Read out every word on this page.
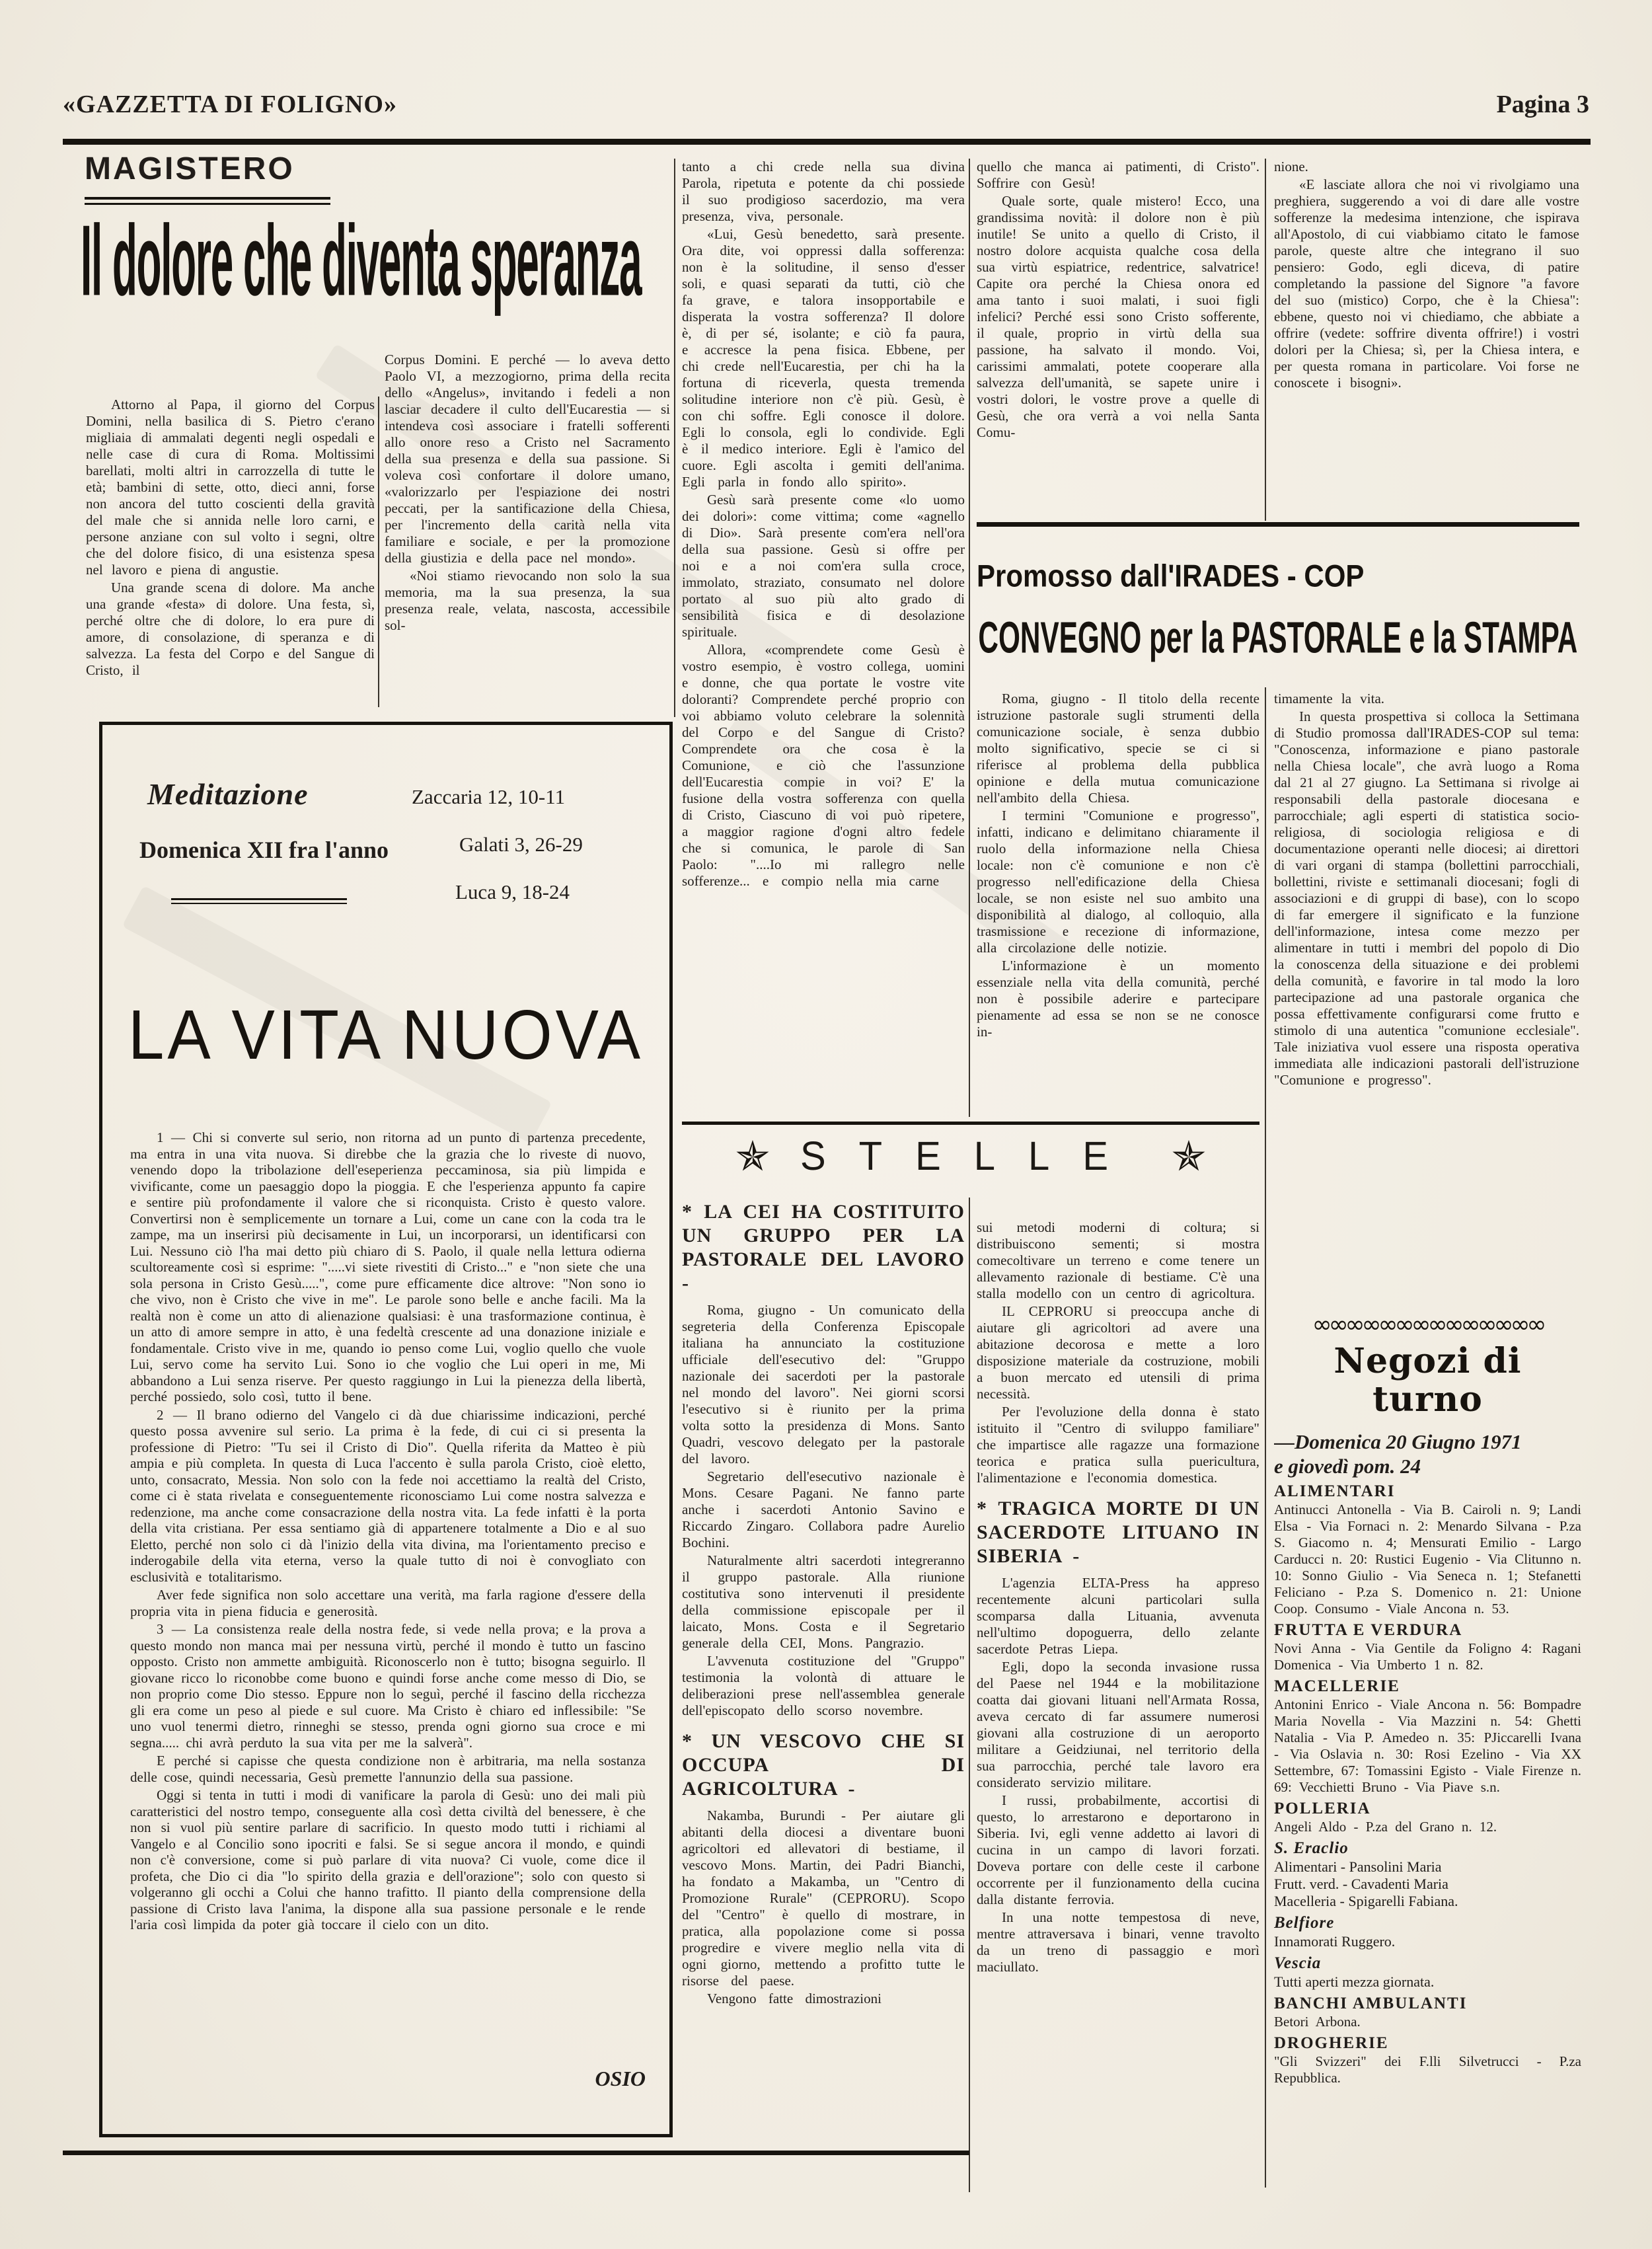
«GAZZETTA DI FOLIGNO»	Pagina 3
MAGISTERO
Il dolore che diventa speranza

Attorno al Papa, il giorno del Corpus Domini, nella basilica di S. Pietro c'erano migliaia di ammalati degenti negli ospedali e nelle case di cura di Roma. Moltissimi barellati, molti altri in carrozzella di tutte le età; bambini di sette, otto, dieci anni, forse non ancora del tutto coscienti della gravità del male che si annida nelle loro carni, e persone anziane con sul volto i segni, oltre che del dolore fisico, di una esistenza spesa nel lavoro e piena di angustie.

Una grande scena di dolore. Ma anche una grande «festa» di dolore. Una festa, sì, perché oltre che di dolore, lo era pure di amore, di consolazione, di speranza e di salvezza. La festa del Corpo e del Sangue di Cristo, il

Corpus Domini. E perché — lo aveva detto Paolo VI, a mezzogiorno, prima della recita dello «Angelus», invitando i fedeli a non lasciar decadere il culto dell'Eucarestia — si intendeva così associare i fratelli sofferenti allo onore reso a Cristo nel Sacramento della sua presenza e della sua passione. Si voleva così confortare il dolore umano, «valorizzarlo per l'espiazione dei nostri peccati, per la santificazione della Chiesa, per l'incremento della carità nella vita familiare e sociale, e per la promozione della giustizia e della pace nel mondo».

«Noi stiamo rievocando non solo la sua memoria, ma la sua presenza, la sua presenza reale, velata, nascosta, accessibile sol-

tanto a chi crede nella sua divina Parola, ripetuta e potente da chi possiede il suo prodigioso sacerdozio, ma vera presenza, viva, personale.

«Lui, Gesù benedetto, sarà presente. Ora dite, voi oppressi dalla sofferenza: non è la solitudine, il senso d'esser soli, e quasi separati da tutti, ciò che fa grave, e talora insopportabile e disperata la vostra sofferenza? Il dolore è, di per sé, isolante; e ciò fa paura, e accresce la pena fisica. Ebbene, per chi crede nell'Eucarestia, per chi ha la fortuna di riceverla, questa tremenda solitudine interiore non c'è più. Gesù, è con chi soffre. Egli conosce il dolore. Egli lo consola, egli lo condivide. Egli è il medico interiore. Egli è l'amico del cuore. Egli ascolta i gemiti dell'anima. Egli parla in fondo allo spirito».

Gesù sarà presente come «lo uomo dei dolori»: come vittima; come «agnello di Dio». Sarà presente com'era nell'ora della sua passione. Gesù si offre per noi e a noi com'era sulla croce, immolato, straziato, consumato nel dolore portato al suo più alto grado di sensibilità fisica e di desolazione spirituale.

Allora, «comprendete come Gesù è vostro esempio, è vostro collega, uomini e donne, che qua portate le vostre vite doloranti? Comprendete perché proprio con voi abbiamo voluto celebrare la solennità del Corpo e del Sangue di Cristo? Comprendete ora che cosa è la Comunione, e ciò che l'assunzione dell'Eucarestia compie in voi? E' la fusione della vostra sofferenza con quella di Cristo, Ciascuno di voi può ripetere, a maggior ragione d'ogni altro fedele che si comunica, le parole di San Paolo: "....Io mi rallegro nelle sofferenze... e compio nella mia carne

quello che manca ai patimenti, di Cristo". Soffrire con Gesù!

Quale sorte, quale mistero! Ecco, una grandissima novità: il dolore non è più inutile! Se unito a quello di Cristo, il nostro dolore acquista qualche cosa della sua virtù espiatrice, redentrice, salvatrice! Capite ora perché la Chiesa onora ed ama tanto i suoi malati, i suoi figli infelici? Perché essi sono Cristo sofferente, il quale, proprio in virtù della sua passione, ha salvato il mondo. Voi, carissimi ammalati, potete cooperare alla salvezza dell'umanità, se sapete unire i vostri dolori, le vostre prove a quelle di Gesù, che ora verrà a voi nella Santa Comu-

nione.

«E lasciate allora che noi vi rivolgiamo una preghiera, suggerendo a voi di dare alle vostre sofferenze la medesima intenzione, che ispirava all'Apostolo, di cui viabbiamo citato le famose parole, queste altre che integrano il suo pensiero: Godo, egli diceva, di patire completando la passione del Signore "a favore del suo (mistico) Corpo, che è la Chiesa": ebbene, questo noi vi chiediamo, che abbiate a offrire (vedete: soffrire diventa offrire!) i vostri dolori per la Chiesa; sì, per la Chiesa intera, e per questa romana in particolare. Voi forse ne conoscete i bisogni».

Promosso dall'IRADES - COP
CONVEGNO per la PASTORALE e la STAMPA

Roma, giugno - Il titolo della recente istruzione pastorale sugli strumenti della comunicazione sociale, è senza dubbio molto significativo, specie se ci si riferisce al problema della pubblica opinione e della mutua comunicazione nell'ambito della Chiesa.

I termini "Comunione e progresso", infatti, indicano e delimitano chiaramente il ruolo della informazione nella Chiesa locale: non c'è comunione e non c'è progresso nell'edificazione della Chiesa locale, se non esiste nel suo ambito una disponibilità al dialogo, al colloquio, alla trasmissione e recezione di informazione, alla circolazione delle notizie.

L'informazione è un momento essenziale nella vita della comunità, perché non è possibile aderire e partecipare pienamente ad essa se non se ne conosce in-

timamente la vita.

In questa prospettiva si colloca la Settimana di Studio promossa dall'IRADES-COP sul tema: "Conoscenza, informazione e piano pastorale nella Chiesa locale", che avrà luogo a Roma dal 21 al 27 giugno. La Settimana si rivolge ai responsabili della pastorale diocesana e parrocchiale; agli esperti di statistica socio-religiosa, di sociologia religiosa e di documentazione operanti nelle diocesi; ai direttori di vari organi di stampa (bollettini parrocchiali, bollettini, riviste e settimanali diocesani; fogli di associazioni e di gruppi di base), con lo scopo di far emergere il significato e la funzione dell'informazione, intesa come mezzo per alimentare in tutti i membri del popolo di Dio la conoscenza della situazione e dei problemi della comunità, e favorire in tal modo la loro partecipazione ad una pastorale organica che possa effettivamente configurarsi come frutto e stimolo di una autentica "comunione ecclesiale". Tale iniziativa vuol essere una risposta operativa immediata alle indicazioni pastorali dell'istruzione "Comunione e progresso".

✯ STELLE ✯
* LA CEI HA COSTITUITO UN GRUPPO PER LA PASTORALE DEL LAVORO -

Roma, giugno - Un comunicato della segreteria della Conferenza Episcopale italiana ha annunciato la costituzione ufficiale dell'esecutivo del: "Gruppo nazionale dei sacerdoti per la pastorale nel mondo del lavoro". Nei giorni scorsi l'esecutivo si è riunito per la prima volta sotto la presidenza di Mons. Santo Quadri, vescovo delegato per la pastorale del lavoro.

Segretario dell'esecutivo nazionale è Mons. Cesare Pagani. Ne fanno parte anche i sacerdoti Antonio Savino e Riccardo Zingaro. Collabora padre Aurelio Bochini.

Naturalmente altri sacerdoti integreranno il gruppo pastorale. Alla riunione costitutiva sono intervenuti il presidente della commissione episcopale per il laicato, Mons. Costa e il Segretario generale della CEI, Mons. Pangrazio.

L'avvenuta costituzione del "Gruppo" testimonia la volontà di attuare le deliberazioni prese nell'assemblea generale dell'episcopato dello scorso novembre.

* UN VESCOVO CHE SI OCCUPA DI AGRICOLTURA -

Nakamba, Burundi - Per aiutare gli abitanti della diocesi a diventare buoni agricoltori ed allevatori di bestiame, il vescovo Mons. Martin, dei Padri Bianchi, ha fondato a Makamba, un "Centro di Promozione Rurale" (CEPRORU). Scopo del "Centro" è quello di mostrare, in pratica, alla popolazione come si possa progredire e vivere meglio nella vita di ogni giorno, mettendo a profitto tutte le risorse del paese.

Vengono fatte dimostrazioni

sui metodi moderni di coltura; si distribuiscono sementi; si mostra comecoltivare un terreno e come tenere un allevamento razionale di bestiame. C'è una stalla modello con un centro di agricoltura.

IL CEPRORU si preoccupa anche di aiutare gli agricoltori ad avere una abitazione decorosa e mette a loro disposizione materiale da costruzione, mobili a buon mercato ed utensili di prima necessità.

Per l'evoluzione della donna è stato istituito il "Centro di sviluppo familiare" che impartisce alle ragazze una formazione teorica e pratica sulla puericultura, l'alimentazione e l'economia domestica.

* TRAGICA MORTE DI UN SACERDOTE LITUANO IN SIBERIA -

L'agenzia ELTA-Press ha appreso recentemente alcuni particolari sulla scomparsa dalla Lituania, avvenuta nell'ultimo dopoguerra, dello zelante sacerdote Petras Liepa.

Egli, dopo la seconda invasione russa del Paese nel 1944 e la mobilitazione coatta dai giovani lituani nell'Armata Rossa, aveva cercato di far assumere numerosi giovani alla costruzione di un aeroporto militare a Geidziunai, nel territorio della sua parrocchia, perché tale lavoro era considerato servizio militare.

I russi, probabilmente, accortisi di questo, lo arrestarono e deportarono in Siberia. Ivi, egli venne addetto ai lavori di cucina in un campo di lavori forzati. Doveva portare con delle ceste il carbone occorrente per il funzionamento della cucina dalla distante ferrovia.

In una notte tempestosa di neve, mentre attraversava i binari, venne travolto da un treno di passaggio e morì maciullato.

∞∞∞∞∞∞∞∞∞∞∞∞∞∞
Negozi di turno

—Domenica 20 Giugno 1971

e giovedì pom. 24

ALIMENTARI

Antinucci Antonella - Via B. Cairoli n. 9; Landi Elsa - Via Fornaci n. 2: Menardo Silvana - P.za S. Giacomo n. 4; Mensurati Emilio - Largo Carducci n. 20: Rustici Eugenio - Via Clitunno n. 10: Sonno Giulio - Via Seneca n. 1; Stefanetti Feliciano - P.za S. Domenico n. 21: Unione Coop. Consumo - Viale Ancona n. 53.

FRUTTA E VERDURA

Novi Anna - Via Gentile da Foligno 4: Ragani Domenica - Via Umberto 1 n. 82.

MACELLERIE

Antonini Enrico - Viale Ancona n. 56: Bompadre Maria Novella - Via Mazzini n. 54: Ghetti Natalia - Via P. Amedeo n. 35: PJiccarelli Ivana - Via Oslavia n. 30: Rosi Ezelino - Via XX Settembre, 67: Tomassini Egisto - Viale Firenze n. 69: Vecchietti Bruno - Via Piave s.n.

POLLERIA

Angeli Aldo - P.za del Grano n. 12.

S. Eraclio

Alimentari - Pansolini Maria

Frutt. verd. - Cavadenti Maria

Macelleria - Spigarelli Fabiana.

Belfiore

Innamorati Ruggero.

Vescia

Tutti aperti mezza giornata.

BANCHI AMBULANTI

Betori Arbona.

DROGHERIE

"Gli Svizzeri" dei F.lli Silvetrucci - P.za Repubblica.

Meditazione
Domenica XII fra l'anno
Zaccaria 12, 10-11
Galati 3, 26-29
Luca 9, 18-24
LA VITA NUOVA

1 — Chi si converte sul serio, non ritorna ad un punto di partenza precedente, ma entra in una vita nuova. Si direbbe che la grazia che lo riveste di nuovo, venendo dopo la tribolazione dell'eseperienza peccaminosa, sia più limpida e vivificante, come un paesaggio dopo la pioggia. E che l'esperienza appunto fa capire e sentire più profondamente il valore che si riconquista. Cristo è questo valore. Convertirsi non è semplicemente un tornare a Lui, come un cane con la coda tra le zampe, ma un inserirsi più decisamente in Lui, un incorporarsi, un identificarsi con Lui. Nessuno ciò l'ha mai detto più chiaro di S. Paolo, il quale nella lettura odierna scultoreamente così si esprime: ".....vi siete rivestiti di Cristo..." e "non siete che una sola persona in Cristo Gesù.....", come pure efficamente dice altrove: "Non sono io che vivo, non è Cristo che vive in me". Le parole sono belle e anche facili. Ma la realtà non è come un atto di alienazione qualsiasi: è una trasformazione continua, è un atto di amore sempre in atto, è una fedeltà crescente ad una donazione iniziale e fondamentale. Cristo vive in me, quando io penso come Lui, voglio quello che vuole Lui, servo come ha servito Lui. Sono io che voglio che Lui operi in me, Mi abbandono a Lui senza riserve. Per questo raggiungo in Lui la pienezza della libertà, perché possiedo, solo così, tutto il bene.

2 — Il brano odierno del Vangelo ci dà due chiarissime indicazioni, perché questo possa avvenire sul serio. La prima è la fede, di cui ci si presenta la professione di Pietro: "Tu sei il Cristo di Dio". Quella riferita da Matteo è più ampia e più completa. In questa di Luca l'accento è sulla parola Cristo, cioè eletto, unto, consacrato, Messia. Non solo con la fede noi accettiamo la realtà del Cristo, come ci è stata rivelata e conseguentemente riconosciamo Lui come nostra salvezza e redenzione, ma anche come consacrazione della nostra vita. La fede infatti è la porta della vita cristiana. Per essa sentiamo già di appartenere totalmente a Dio e al suo Eletto, perché non solo ci dà l'inizio della vita divina, ma l'orientamento preciso e inderogabile della vita eterna, verso la quale tutto di noi è convogliato con esclusività e totalitarismo.

Aver fede significa non solo accettare una verità, ma farla ragione d'essere della propria vita in piena fiducia e generosità.

3 — La consistenza reale della nostra fede, si vede nella prova; e la prova a questo mondo non manca mai per nessuna virtù, perché il mondo è tutto un fascino opposto. Cristo non ammette ambiguità. Riconoscerlo non è tutto; bisogna seguirlo. Il giovane ricco lo riconobbe come buono e quindi forse anche come messo di Dio, se non proprio come Dio stesso. Eppure non lo seguì, perché il fascino della ricchezza gli era come un peso al piede e sul cuore. Ma Cristo è chiaro ed inflessibile: "Se uno vuol tenermi dietro, rinneghi se stesso, prenda ogni giorno sua croce e mi segna..... chi avrà perduto la sua vita per me la salverà".

E perché si capisse che questa condizione non è arbitraria, ma nella sostanza delle cose, quindi necessaria, Gesù premette l'annunzio della sua passione.

Oggi si tenta in tutti i modi di vanificare la parola di Gesù: uno dei mali più caratteristici del nostro tempo, conseguente alla così detta civiltà del benessere, è che non si vuol più sentire parlare di sacrificio. In questo modo tutti i richiami al Vangelo e al Concilio sono ipocriti e falsi. Se si segue ancora il mondo, e quindi non c'è conversione, come si può parlare di vita nuova? Ci vuole, come dice il profeta, che Dio ci dia "lo spirito della grazia e dell'orazione"; solo con questo si volgeranno gli occhi a Colui che hanno trafitto. Il pianto della comprensione della passione di Cristo lava l'anima, la dispone alla sua passione personale e le rende l'aria così limpida da poter già toccare il cielo con un dito.

OSIO
